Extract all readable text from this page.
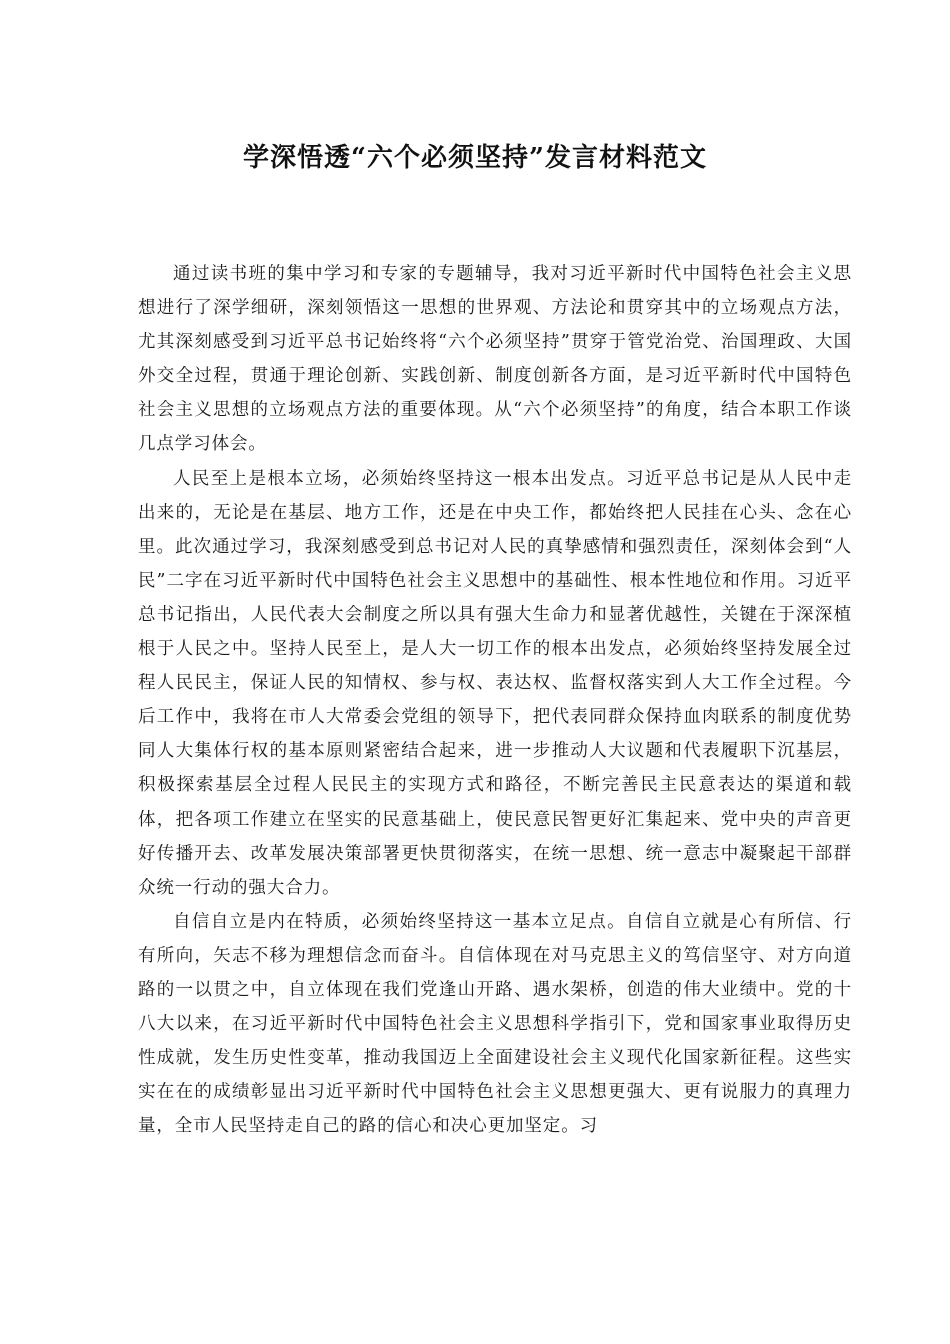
学深悟透“六个必须坚持”发言材料范文

通过读书班的集中学习和专家的专题辅导，我对习近平新时代中国特色社会主义思想进行了深学细研，深刻领悟这一思想的世界观、方法论和贯穿其中的立场观点方法，尤其深刻感受到习近平总书记始终将“六个必须坚持”贯穿于管党治党、治国理政、大国外交全过程，贯通于理论创新、实践创新、制度创新各方面，是习近平新时代中国特色社会主义思想的立场观点方法的重要体现。从“六个必须坚持”的角度，结合本职工作谈几点学习体会。

人民至上是根本立场，必须始终坚持这一根本出发点。习近平总书记是从人民中走出来的，无论是在基层、地方工作，还是在中央工作，都始终把人民挂在心头、念在心里。此次通过学习，我深刻感受到总书记对人民的真挚感情和强烈责任，深刻体会到“人民”二字在习近平新时代中国特色社会主义思想中的基础性、根本性地位和作用。习近平总书记指出，人民代表大会制度之所以具有强大生命力和显著优越性，关键在于深深植根于人民之中。坚持人民至上，是人大一切工作的根本出发点，必须始终坚持发展全过程人民民主，保证人民的知情权、参与权、表达权、监督权落实到人大工作全过程。今后工作中，我将在市人大常委会党组的领导下，把代表同群众保持血肉联系的制度优势同人大集体行权的基本原则紧密结合起来，进一步推动人大议题和代表履职下沉基层，积极探索基层全过程人民民主的实现方式和路径，不断完善民主民意表达的渠道和载体，把各项工作建立在坚实的民意基础上，使民意民智更好汇集起来、党中央的声音更好传播开去、改革发展决策部署更快贯彻落实，在统一思想、统一意志中凝聚起干部群众统一行动的强大合力。

自信自立是内在特质，必须始终坚持这一基本立足点。自信自立就是心有所信、行有所向，矢志不移为理想信念而奋斗。自信体现在对马克思主义的笃信坚守、对方向道路的一以贯之中，自立体现在我们党逢山开路、遇水架桥，创造的伟大业绩中。党的十八大以来，在习近平新时代中国特色社会主义思想科学指引下，党和国家事业取得历史性成就，发生历史性变革，推动我国迈上全面建设社会主义现代化国家新征程。这些实实在在的成绩彰显出习近平新时代中国特色社会主义思想更强大、更有说服力的真理力量，全市人民坚持走自己的路的信心和决心更加坚定。习
